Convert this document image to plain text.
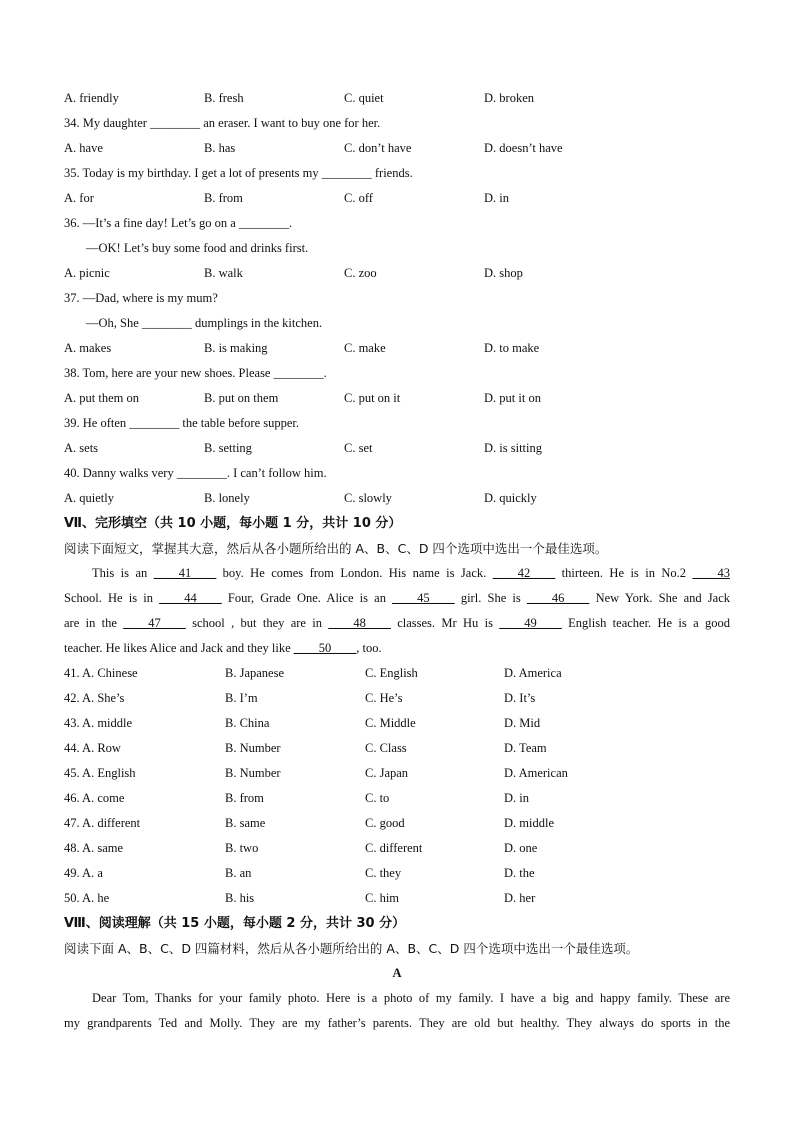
A. friendly	B. fresh	C. quiet	D. broken
34. My daughter ________ an eraser. I want to buy one for her.
A. have	B. has	C. don’t have	D. doesn’t have
35. Today is my birthday. I get a lot of presents my ________ friends.
A. for	B. from	C. off	D. in
36. —It’s a fine day! Let’s go on a ________.
—OK! Let’s buy some food and drinks first.
A. picnic	B. walk	C. zoo	D. shop
37. —Dad, where is my mum?
—Oh, She ________ dumplings in the kitchen.
A. makes	B. is making	C. make	D. to make
38. Tom, here are your new shoes. Please ________.
A. put them on	B. put on them	C. put on it	D. put it on
39. He often ________ the table before supper.
A. sets	B. setting	C. set	D. is sitting
40. Danny walks very ________. I can’t follow him.
A. quietly	B. lonely	C. slowly	D. quickly
Ⅶ、完形填空（共 10 小题，每小题 1 分，共计 10 分）
阅读下面短文，掌握其大意，然后从各小题所给出的 A、B、C、D 四个选项中选出一个最佳选项。
This is an ____41____ boy. He comes from London. His name is Jack. ____42____ thirteen. He is in No.2 ____43
School. He is in ____44____ Four, Grade One. Alice is an ____45____ girl. She is ____46____ New York. She and Jack
are in the ____47____ school , but they are in ____48____ classes. Mr Hu is ____49____ English teacher. He is a good
teacher. He likes Alice and Jack and they like ____50____, too.
41. A. Chinese	B. Japanese	C. English	D. America
42. A. She’s	B. I’m	C. He’s	D. It’s
43. A. middle	B. China	C. Middle	D. Mid
44. A. Row	B. Number	C. Class	D. Team
45. A. English	B. Number	C. Japan	D. American
46. A. come	B. from	C. to	D. in
47. A. different	B. same	C. good	D. middle
48. A. same	B. two	C. different	D. one
49. A. a	B. an	C. they	D. the
50. A. he	B. his	C. him	D. her
Ⅷ、阅读理解（共 15 小题，每小题 2 分，共计 30 分）
阅读下面 A、B、C、D 四篇材料，然后从各小题所给出的 A、B、C、D 四个选项中选出一个最佳选项。
A
Dear Tom, Thanks for your family photo. Here is a photo of my family. I have a big and happy family. These are
my grandparents Ted and Molly. They are my father’s parents. They are old but healthy. They always do sports in the
